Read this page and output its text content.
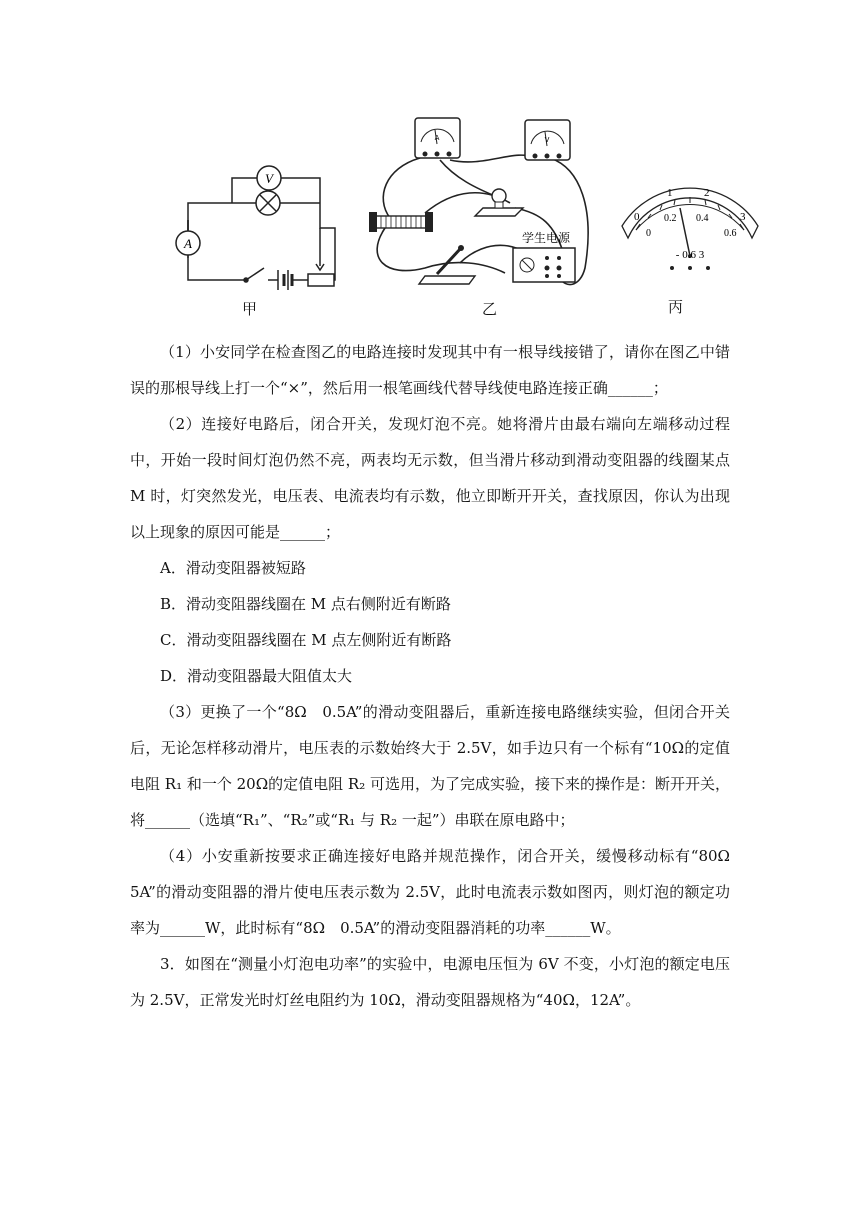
A
V
甲
A	V
学生电源
乙
0
1	2
3
0
0.2 0.4
0.6
- 0.6 3
丙

（1）小安同学在检查图乙的电路连接时发现其中有一根导线接错了，请你在图乙中错误的那根导线上打一个“×”，然后用一根笔画线代替导线使电路连接正确______；

（2）连接好电路后，闭合开关，发现灯泡不亮。她将滑片由最右端向左端移动过程中，开始一段时间灯泡仍然不亮，两表均无示数，但当滑片移动到滑动变阻器的线圈某点 M 时，灯突然发光，电压表、电流表均有示数，他立即断开开关，查找原因，你认为出现以上现象的原因可能是______；

A．滑动变阻器被短路

B．滑动变阻器线圈在 M 点右侧附近有断路

C．滑动变阻器线圈在 M 点左侧附近有断路

D．滑动变阻器最大阻值太大

（3）更换了一个“8Ω　0.5A”的滑动变阻器后，重新连接电路继续实验，但闭合开关后，无论怎样移动滑片，电压表的示数始终大于 2.5V，如手边只有一个标有“10Ω的定值电阻 R₁ 和一个 20Ω的定值电阻 R₂ 可选用，为了完成实验，接下来的操作是：断开开关，将______（选填“R₁”、“R₂”或“R₁ 与 R₂ 一起”）串联在原电路中；

（4）小安重新按要求正确连接好电路并规范操作，闭合开关，缓慢移动标有“80Ω　5A”的滑动变阻器的滑片使电压表示数为 2.5V，此时电流表示数如图丙，则灯泡的额定功率为______W，此时标有“8Ω　0.5A”的滑动变阻器消耗的功率______W。

3．如图在“测量小灯泡电功率”的实验中，电源电压恒为 6V 不变，小灯泡的额定电压为 2.5V，正常发光时灯丝电阻约为 10Ω，滑动变阻器规格为“40Ω，12A”。
